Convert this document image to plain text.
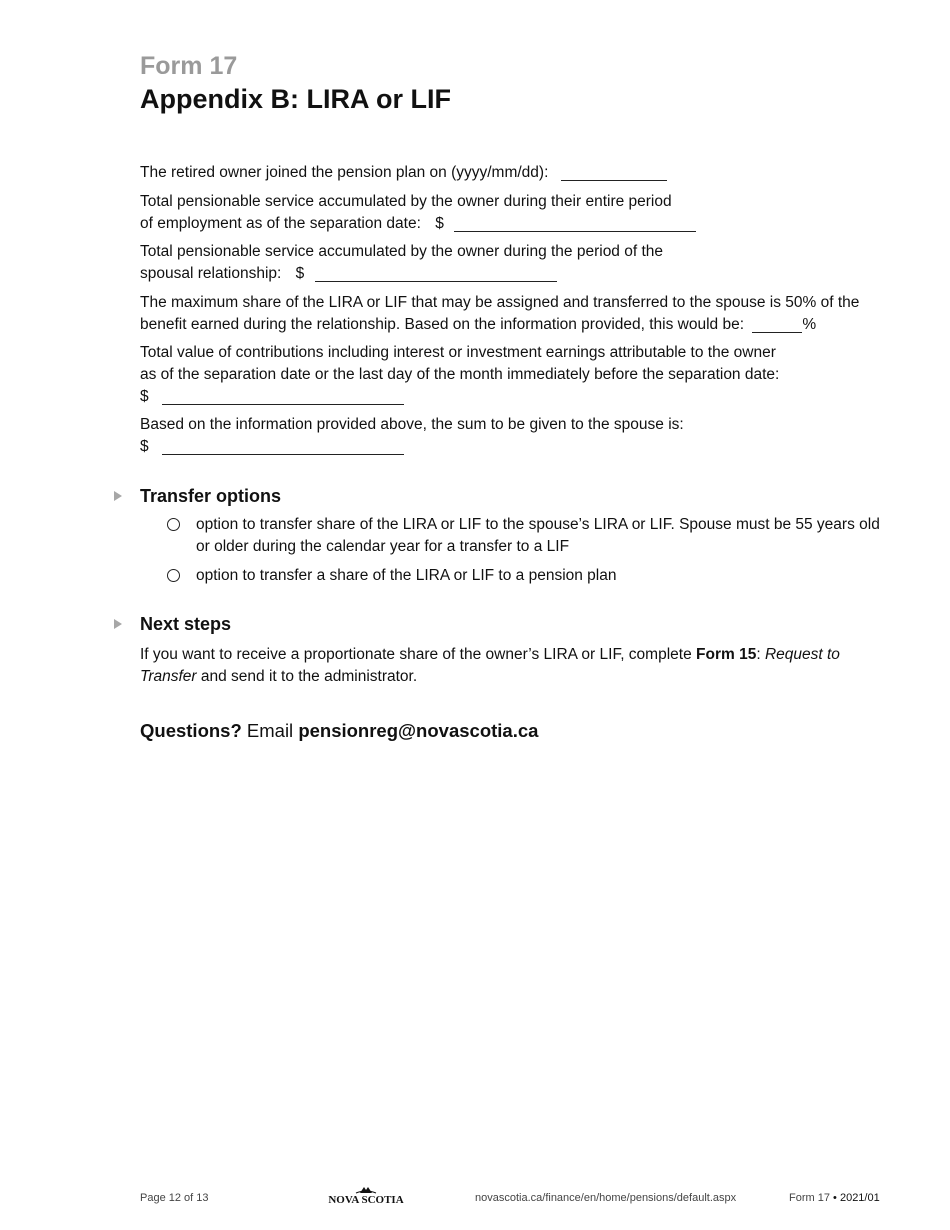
Form 17
Appendix B: LIRA or LIF
The retired owner joined the pension plan on (yyyy/mm/dd):
Total pensionable service accumulated by the owner during their entire period
of employment as of the separation date: $
Total pensionable service accumulated by the owner during the period of the
spousal relationship: $
The maximum share of the LIRA or LIF that may be assigned and transferred to the spouse is 50% of the
benefit earned during the relationship. Based on the information provided, this would be:	%
Total value of contributions including interest or investment earnings attributable to the owner
as of the separation date or the last day of the month immediately before the separation date:
$
Based on the information provided above, the sum to be given to the spouse is:
$
Transfer options
option to transfer share of the LIRA or LIF to the spouse’s LIRA or LIF. Spouse must be 55 years old
or older during the calendar year for a transfer to a LIF
option to transfer a share of the LIRA or LIF to a pension plan
Next steps
If you want to receive a proportionate share of the owner’s LIRA or LIF, complete Form 15: Request to
Transfer and send it to the administrator.
Questions? Email pensionreg@novascotia.ca
Page 12 of 13	NOVA SCOTIA	novascotia.ca/finance/en/home/pensions/default.aspx	Form 17 • 2021/01
